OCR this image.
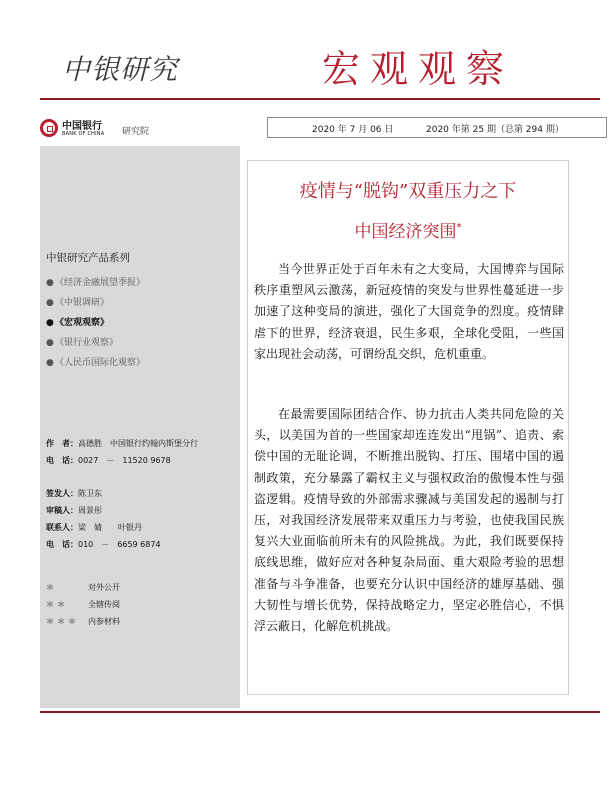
中银研究	宏观观察
中国银行
BANK OF CHINA 研究院	2020 年 7 月 06 日	2020 年第 25 期（总第 294 期）
中银研究产品系列
●《经济金融展望季报》
●《中银调研》
●《宏观观察》
●《银行业观察》
●《人民币国际化观察》
作　者：高德胜　中国银行约翰内斯堡分行
电　话：0027　－　11520 9678
签发人：陈卫东
审稿人：周景彤
联系人：梁　婧　　叶银丹
电　话：010　－　6659 6874
＊	对外公开
＊＊	全辖传阅
＊＊＊ 内参材料
疫情与“脱钩”双重压力之下
中国经济突围*

当今世界正处于百年未有之大变局，大国博弈与国际秩序重塑风云激荡，新冠疫情的突发与世界性蔓延进一步加速了这种变局的演进，强化了大国竞争的烈度。疫情肆虐下的世界，经济衰退，民生多艰，全球化受阻，一些国家出现社会动荡，可谓纷乱交织，危机重重。

在最需要国际团结合作、协力抗击人类共同危险的关头，以美国为首的一些国家却连连发出“甩锅”、追责、索偿中国的无耻论调，不断推出脱钩、打压、围堵中国的遏制政策，充分暴露了霸权主义与强权政治的傲慢本性与强盗逻辑。疫情导致的外部需求骤减与美国发起的遏制与打压，对我国经济发展带来双重压力与考验，也使我国民族复兴大业面临前所未有的风险挑战。为此，我们既要保持底线思维，做好应对各种复杂局面、重大艰险考验的思想准备与斗争准备，也要充分认识中国经济的雄厚基础、强大韧性与增长优势，保持战略定力，坚定必胜信心，不惧浮云蔽日，化解危机挑战。
